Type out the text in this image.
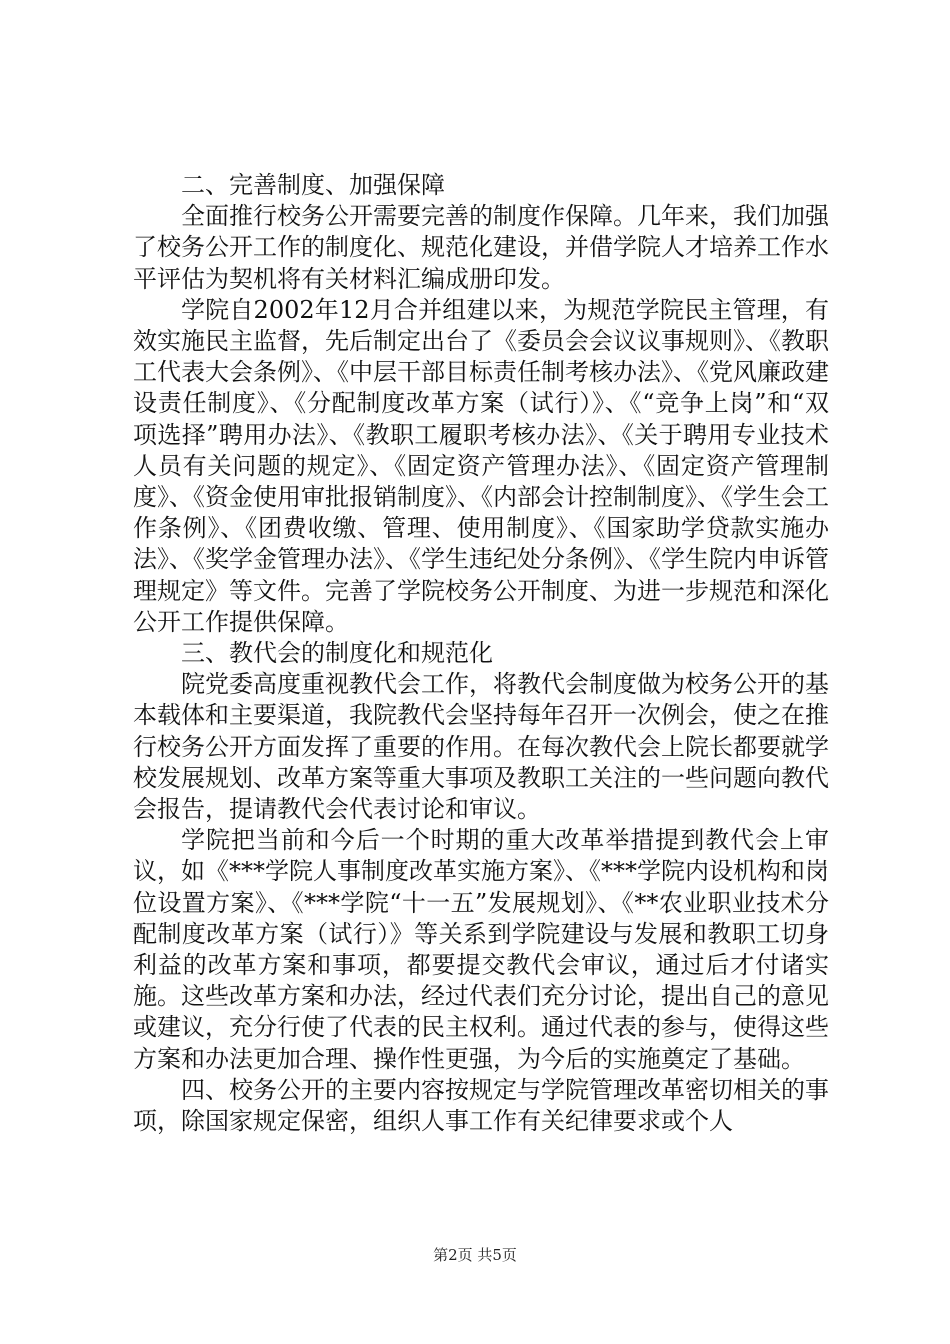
二、完善制度、加强保障

全面推行校务公开需要完善的制度作保障。几年来，我们加强了校务公开工作的制度化、规范化建设，并借学院人才培养工作水平评估为契机将有关材料汇编成册印发。

学院自2002年12月合并组建以来，为规范学院民主管理，有效实施民主监督，先后制定出台了《委员会会议议事规则》、《教职工代表大会条例》、《中层干部目标责任制考核办法》、《党风廉政建设责任制度》、《分配制度改革方案（试行）》、《“竞争上岗”和“双项选择”聘用办法》、《教职工履职考核办法》、《关于聘用专业技术人员有关问题的规定》、《固定资产管理办法》、《固定资产管理制度》、《资金使用审批报销制度》、《内部会计控制制度》、《学生会工作条例》、《团费收缴、管理、使用制度》、《国家助学贷款实施办法》、《奖学金管理办法》、《学生违纪处分条例》、《学生院内申诉管理规定》等文件。完善了学院校务公开制度、为进一步规范和深化公开工作提供保障。

三、教代会的制度化和规范化

院党委高度重视教代会工作，将教代会制度做为校务公开的基本载体和主要渠道，我院教代会坚持每年召开一次例会，使之在推行校务公开方面发挥了重要的作用。在每次教代会上院长都要就学校发展规划、改革方案等重大事项及教职工关注的一些问题向教代会报告，提请教代会代表讨论和审议。

学院把当前和今后一个时期的重大改革举措提到教代会上审议，如《***学院人事制度改革实施方案》、《***学院内设机构和岗位设置方案》、《***学院“十一五”发展规划》、《**农业职业技术分配制度改革方案（试行）》等关系到学院建设与发展和教职工切身利益的改革方案和事项，都要提交教代会审议，通过后才付诸实施。这些改革方案和办法，经过代表们充分讨论，提出自己的意见或建议，充分行使了代表的民主权利。通过代表的参与，使得这些方案和办法更加合理、操作性更强，为今后的实施奠定了基础。

四、校务公开的主要内容按规定与学院管理改革密切相关的事项，除国家规定保密，组织人事工作有关纪律要求或个人

第2页 共5页
